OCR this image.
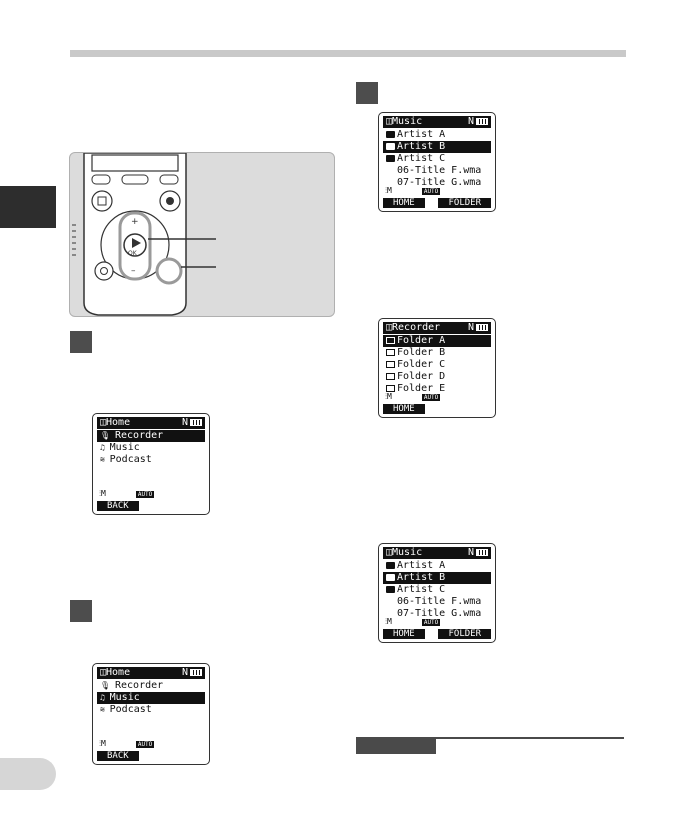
+
–
OK
◫Home	N
🎙 Recorder
♫ Music
≋ Podcast
⫶M	AUTO
BACK
◫Home	N
🎙 Recorder
♫ Music
≋ Podcast
⫶M	AUTO
BACK
◫Music	N
Artist A
Artist B
Artist C
06-Title F.wma
07-Title G.wma
⫶M	AUTO
HOME	FOLDER
◫Recorder	N
Folder A
Folder B
Folder C
Folder D
Folder E
⫶M	AUTO
HOME
◫Music	N
Artist A
Artist B
Artist C
06-Title F.wma
07-Title G.wma
⫶M	AUTO
HOME	FOLDER
